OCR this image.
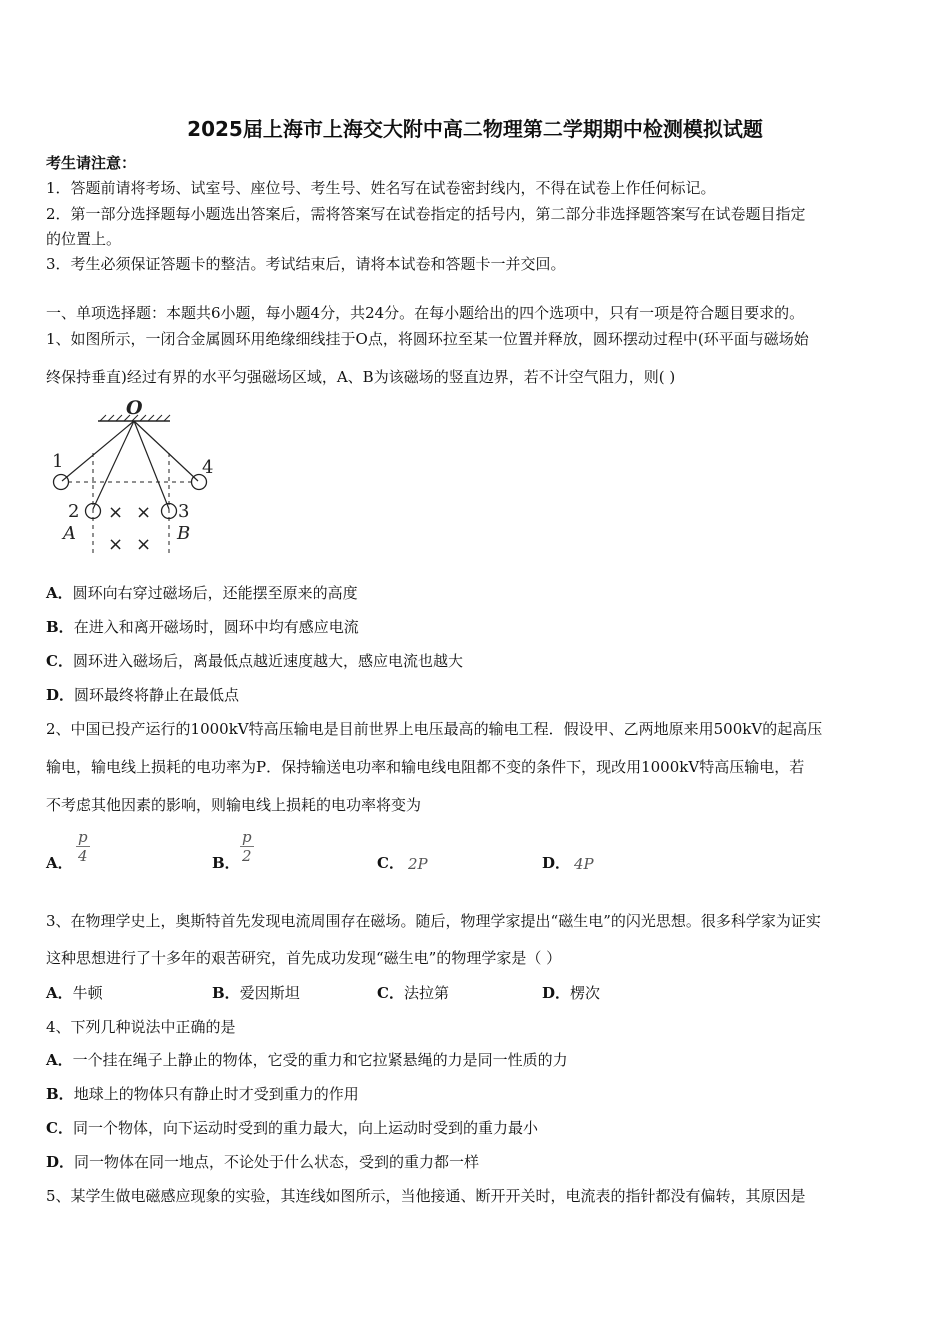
2025届上海市上海交大附中高二物理第二学期期中检测模拟试题
考生请注意：
1．答题前请将考场、试室号、座位号、考生号、姓名写在试卷密封线内，不得在试卷上作任何标记。
2．第一部分选择题每小题选出答案后，需将答案写在试卷指定的括号内，第二部分非选择题答案写在试卷题目指定
的位置上。
3．考生必须保证答题卡的整洁。考试结束后，请将本试卷和答题卡一并交回。
一、单项选择题：本题共6小题，每小题4分，共24分。在每小题给出的四个选项中，只有一项是符合题目要求的。
1、如图所示，一闭合金属圆环用绝缘细线挂于O点，将圆环拉至某一位置并释放，圆环摆动过程中(环平面与磁场始
终保持垂直)经过有界的水平匀强磁场区域，A、B为该磁场的竖直边界，若不计空气阻力，则( )
O
1	4
2	3
A	B
× ×
× ×
A．圆环向右穿过磁场后，还能摆至原来的高度
B．在进入和离开磁场时，圆环中均有感应电流
C．圆环进入磁场后，离最低点越近速度越大，感应电流也越大
D．圆环最终将静止在最低点
2、中国已投产运行的1000kV特高压输电是目前世界上电压最高的输电工程．假设甲、乙两地原来用500kV的起高压
输电，输电线上损耗的电功率为P．保持输送电功率和输电线电阻都不变的条件下，现改用1000kV特高压输电，若
不考虑其他因素的影响，则输电线上损耗的电功率将变为
A． $\frac{p}{4}$	B． $\frac{p}{2}$	C． 2P	D． 4P
3、在物理学史上，奥斯特首先发现电流周围存在磁场。随后，物理学家提出“磁生电”的闪光思想。很多科学家为证实
这种思想进行了十多年的艰苦研究，首先成功发现“磁生电”的物理学家是（ ）
A．牛顿	B．爱因斯坦	C．法拉第	D．楞次
4、下列几种说法中正确的是
A．一个挂在绳子上静止的物体，它受的重力和它拉紧悬绳的力是同一性质的力
B．地球上的物体只有静止时才受到重力的作用
C．同一个物体，向下运动时受到的重力最大，向上运动时受到的重力最小
D．同一物体在同一地点，不论处于什么状态，受到的重力都一样
5、某学生做电磁感应现象的实验，其连线如图所示，当他接通、断开开关时，电流表的指针都没有偏转，其原因是
